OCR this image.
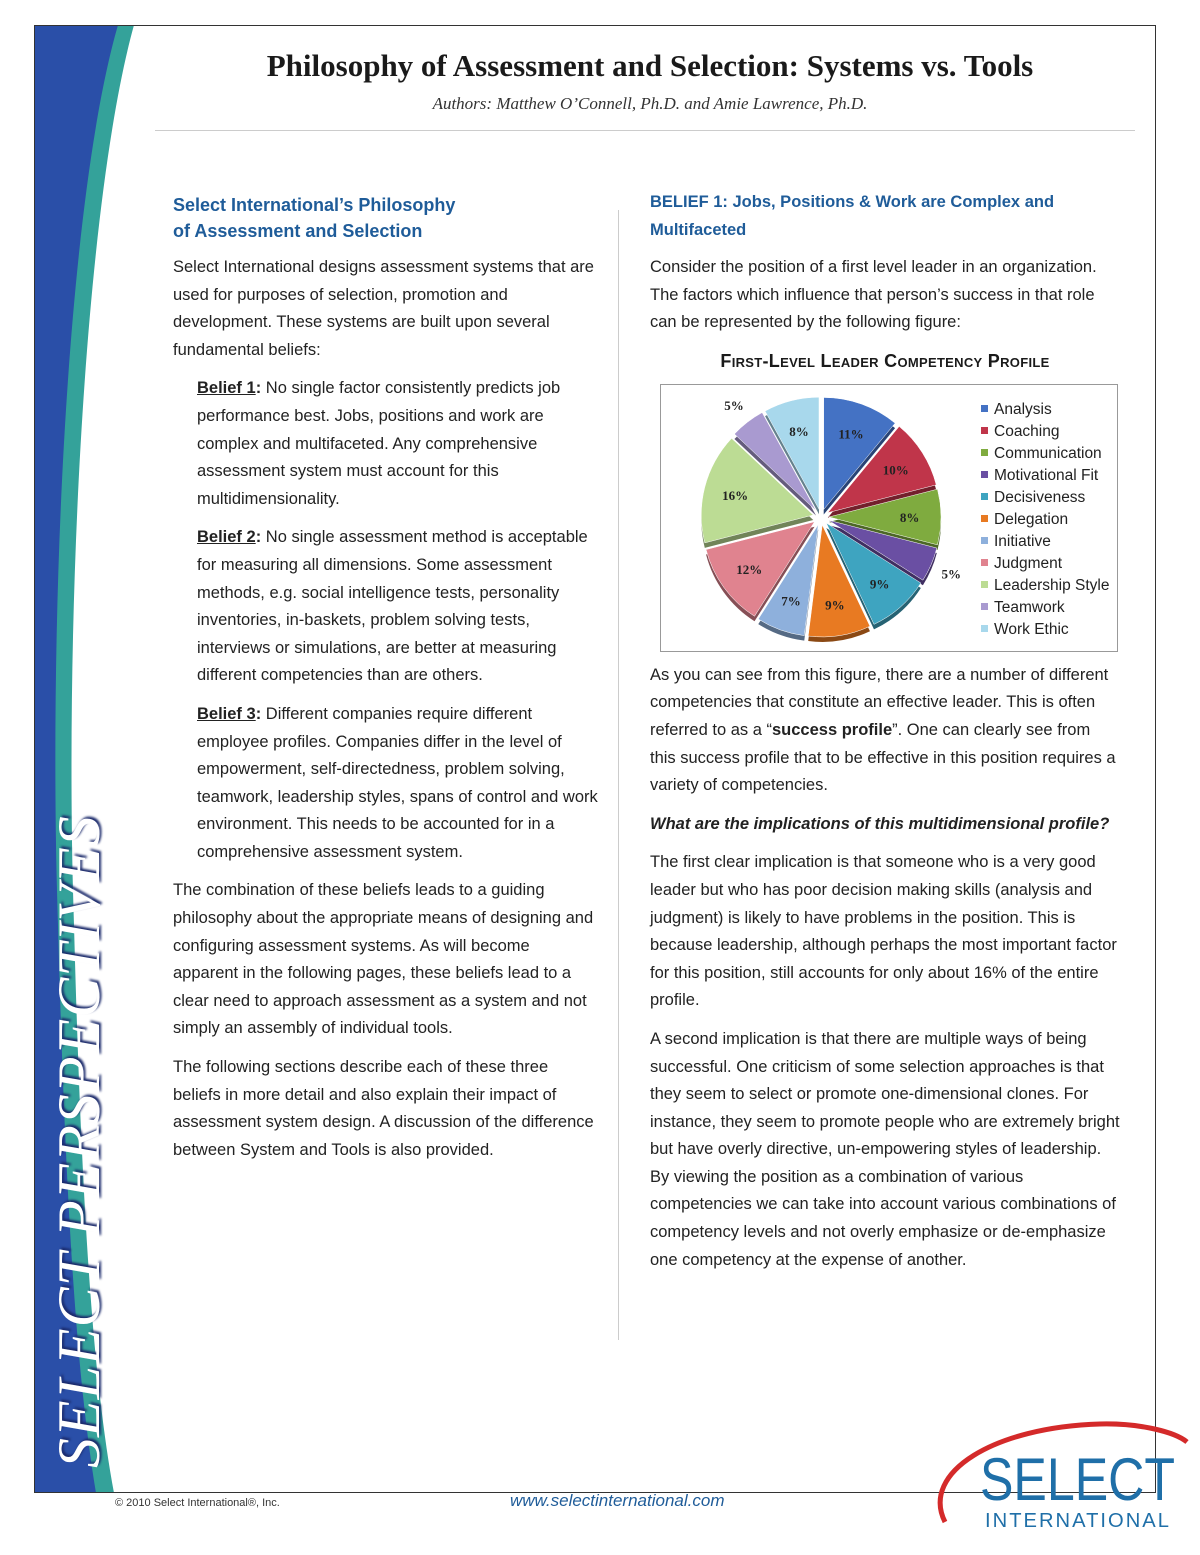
SELECT PERSPECTIVES
Philosophy of Assessment and Selection: Systems vs. Tools

Authors: Matthew O’Connell, Ph.D. and Amie Lawrence, Ph.D.

Select International’s Philosophy
of Assessment and Selection

Select International designs assessment systems that are used for purposes of selection, promotion and development. These systems are built upon several fundamental beliefs:

Belief 1: No single factor consistently predicts job performance best. Jobs, positions and work are complex and multifaceted. Any comprehensive assessment system must account for this multidimensionality.

Belief 2: No single assessment method is acceptable for measuring all dimensions. Some assessment methods, e.g. social intelligence tests, personality inventories, in-baskets, problem solving tests, interviews or simulations, are better at measuring different competencies than are others.

Belief 3: Different companies require different employee profiles. Companies differ in the level of empowerment, self-directedness, problem solving, teamwork, leadership styles, spans of control and work environment. This needs to be accounted for in a comprehensive assessment system.

The combination of these beliefs leads to a guiding philosophy about the appropriate means of designing and configuring assessment systems. As will become apparent in the following pages, these beliefs lead to a clear need to approach assessment as a system and not simply an assembly of individual tools.

The following sections describe each of these three beliefs in more detail and also explain their impact of assessment system design. A discussion of the difference between System and Tools is also provided.

BELIEF 1: Jobs, Positions & Work are Complex and Multifaceted

Consider the position of a first level leader in an organization. The factors which influence that person’s success in that role can be represented by the following figure:

First-Level Leader Competency Profile
11%
10%
8%
5%
9%
9%
7%
12%
16%
5%
8%
Analysis
Coaching
Communication
Motivational Fit
Decisiveness
Delegation
Initiative
Judgment
Leadership Style
Teamwork
Work Ethic

As you can see from this figure, there are a number of different competencies that constitute an effective leader. This is often referred to as a “success profile”. One can clearly see from this success profile that to be effective in this position requires a variety of competencies.

What are the implications of this multidimensional profile?

The first clear implication is that someone who is a very good leader but who has poor decision making skills (analysis and judgment) is likely to have problems in the position. This is because leadership, although perhaps the most important factor for this position, still accounts for only about 16% of the entire profile.

A second implication is that there are multiple ways of being successful. One criticism of some selection approaches is that they seem to select or promote one-dimensional clones. For instance, they seem to promote people who are extremely bright but have overly directive, un-empowering styles of leadership. By viewing the position as a combination of various competencies we can take into account various combinations of competency levels and not overly emphasize or de-emphasize one competency at the expense of another.

© 2010 Select International®, Inc.	www.selectinternational.com	SELECT
INTERNATIONAL
